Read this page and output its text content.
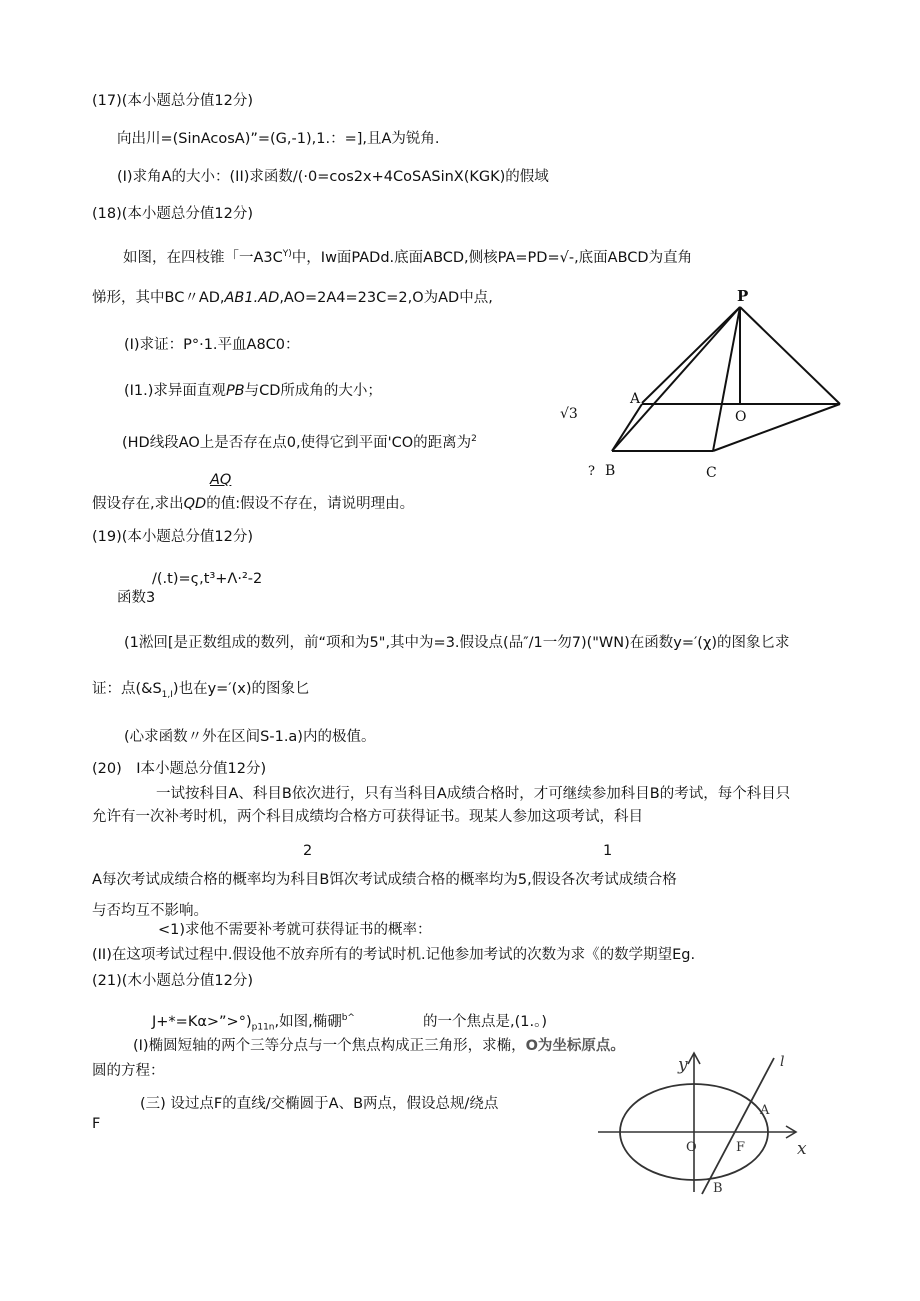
(17)(本小题总分值12分)
向出川=(SinAcosA)”=(G,-1),1.：=],且A为锐角.
(I)求角A的大小：(II)求函数/(·0=cos2x+4CoSASinX(KGK)的假域
(18)(本小题总分值12分)
如图，在四枝锥「一$A3C^{Y)}$中，Iw面PADd.底面ABCD,侧核PA=PD=√-,底面ABCD为直角
悌形，其中BC〃AD,AB1.AD,AO=2A4=23C=2,O为AD中点,
(I)求证：P°·1.平血A8C0：
(I1.)求异面直观PB与CD所成角的大小；
(HD线段AO上是否存在点0,使得它到平面'CO的距离为$^2$
AQ
假设存在,求出QD的值:假设不存在，请说明理由。
P
A
O
B
?	C
√3
(19)(本小题总分值12分)
/(.t)=ς,t³+Λ·²-2
函数3
(1淞回[是正数组成的数列，前“项和为5",其中为=3.假设点(品″/1一勿7)("WN)在函数y=′(χ)的图象匕求
证：点$(\&S_{1,I})$也在y=′(x)的图象匕
(心求函数〃外在区间S-1.a)内的极值。
(20)　I本小题总分值12分)
一试按科目A、科目B依次进行，只有当科目A成绩合格时，才可继续参加科目B的考试，每个科目只
允许有一次补考时机，两个科目成绩均合格方可获得证书。现某人参加这项考试，科目
2	1
A每次考试成绩合格的概率均为科目B饵次考试成绩合格的概率均为5,假设各次考试成绩合格
与否均互不影响。
<1)求他不需要补考就可获得证书的概率：
(II)在这项考试过程中.假设他不放弃所有的考试时机.记他参加考试的次数为求《的数学期望Eg.
(21)(木小题总分值12分)
$J+*=K\alpha>”>^\circ)_{p11n}$,如图,椭硼$^{b\^{}}$	的一个焦点是,(1.。)
(I)椭圆短轴的两个三等分点与一个焦点构成正三角形，求椭，O为坐标原点。
圆的方程：
(三) 设过点F的直线/交椭圆于A、B两点，假设总规/绕点
F
y	l
A
O	F	x
B
